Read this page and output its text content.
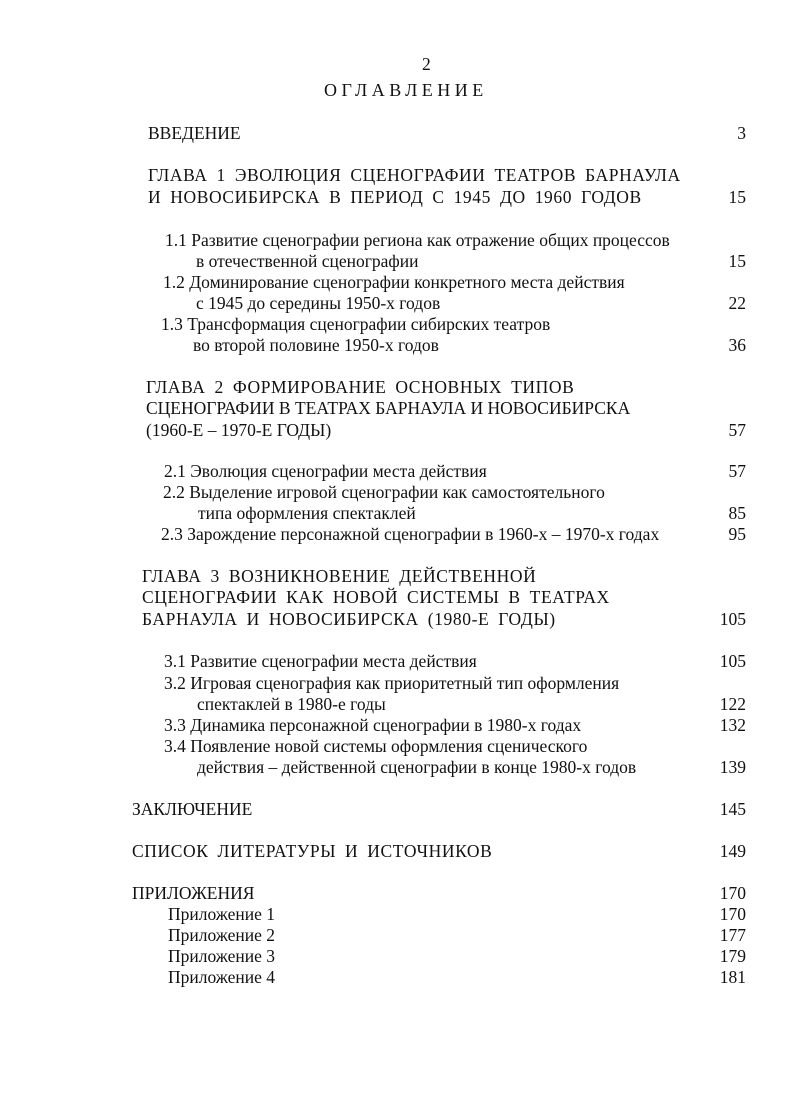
2
ОГЛАВЛЕНИЕ
ВВЕДЕНИЕ	3
ГЛАВА 1 ЭВОЛЮЦИЯ СЦЕНОГРАФИИ ТЕАТРОВ БАРНАУЛА
И НОВОСИБИРСКА В ПЕРИОД С 1945 ДО 1960 ГОДОВ	15
1.1 Развитие сценографии региона как отражение общих процессов
в отечественной сценографии	15
1.2 Доминирование сценографии конкретного места действия
с 1945 до середины 1950-х годов	22
1.3 Трансформация сценографии сибирских театров
во второй половине 1950-х годов	36
ГЛАВА 2 ФОРМИРОВАНИЕ ОСНОВНЫХ ТИПОВ
СЦЕНОГРАФИИ В ТЕАТРАХ БАРНАУЛА И НОВОСИБИРСКА
(1960-Е – 1970-Е ГОДЫ)	57
2.1 Эволюция сценографии места действия	57
2.2 Выделение игровой сценографии как самостоятельного
типа оформления спектаклей	85
2.3 Зарождение персонажной сценографии в 1960-х – 1970-х годах	95
ГЛАВА 3 ВОЗНИКНОВЕНИЕ ДЕЙСТВЕННОЙ
СЦЕНОГРАФИИ КАК НОВОЙ СИСТЕМЫ В ТЕАТРАХ
БАРНАУЛА И НОВОСИБИРСКА (1980-Е ГОДЫ)	105
3.1 Развитие сценографии места действия	105
3.2 Игровая сценография как приоритетный тип оформления
спектаклей в 1980-е годы	122
3.3 Динамика персонажной сценографии в 1980-х годах	132
3.4 Появление новой системы оформления сценического
действия – действенной сценографии в конце 1980-х годов	139
ЗАКЛЮЧЕНИЕ	145
СПИСОК ЛИТЕРАТУРЫ И ИСТОЧНИКОВ	149
ПРИЛОЖЕНИЯ	170
Приложение 1	170
Приложение 2	177
Приложение 3	179
Приложение 4	181
